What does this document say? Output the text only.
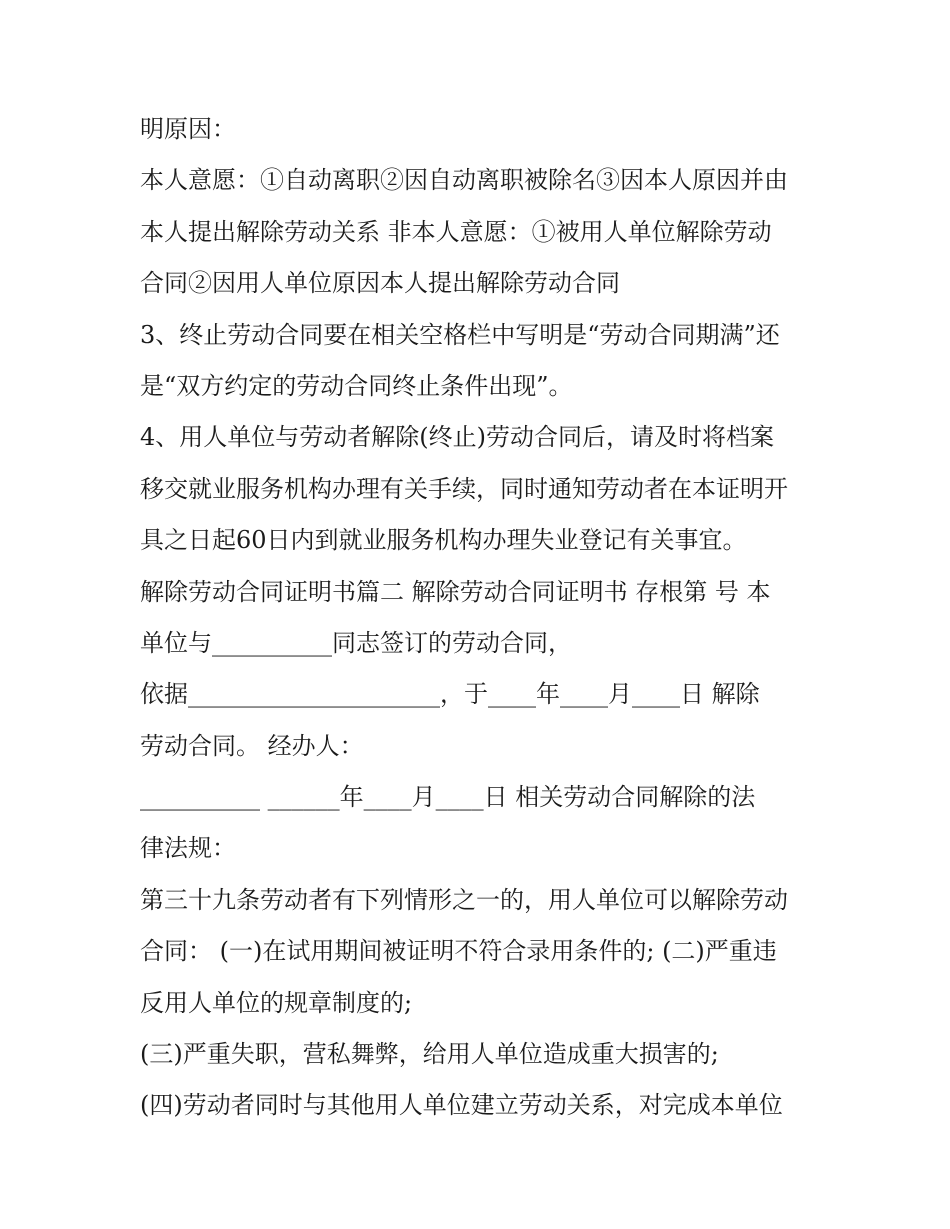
明原因：
本人意愿：①自动离职②因自动离职被除名③因本人原因并由
本人提出解除劳动关系 非本人意愿：①被用人单位解除劳动
合同②因用人单位原因本人提出解除劳动合同
3、终止劳动合同要在相关空格栏中写明是“劳动合同期满”还
是“双方约定的劳动合同终止条件出现”。
4、用人单位与劳动者解除(终止)劳动合同后，请及时将档案
移交就业服务机构办理有关手续，同时通知劳动者在本证明开
具之日起60日内到就业服务机构办理失业登记有关事宜。
解除劳动合同证明书篇二 解除劳动合同证明书 存根第 号 本
单位与__________同志签订的劳动合同，
依据_____________________，于____年____月____日 解除
劳动合同。 经办人：
__________ ______年____月____日 相关劳动合同解除的法
律法规：
第三十九条劳动者有下列情形之一的，用人单位可以解除劳动
合同： (一)在试用期间被证明不符合录用条件的; (二)严重违
反用人单位的规章制度的;
(三)严重失职，营私舞弊，给用人单位造成重大损害的;
(四)劳动者同时与其他用人单位建立劳动关系，对完成本单位
